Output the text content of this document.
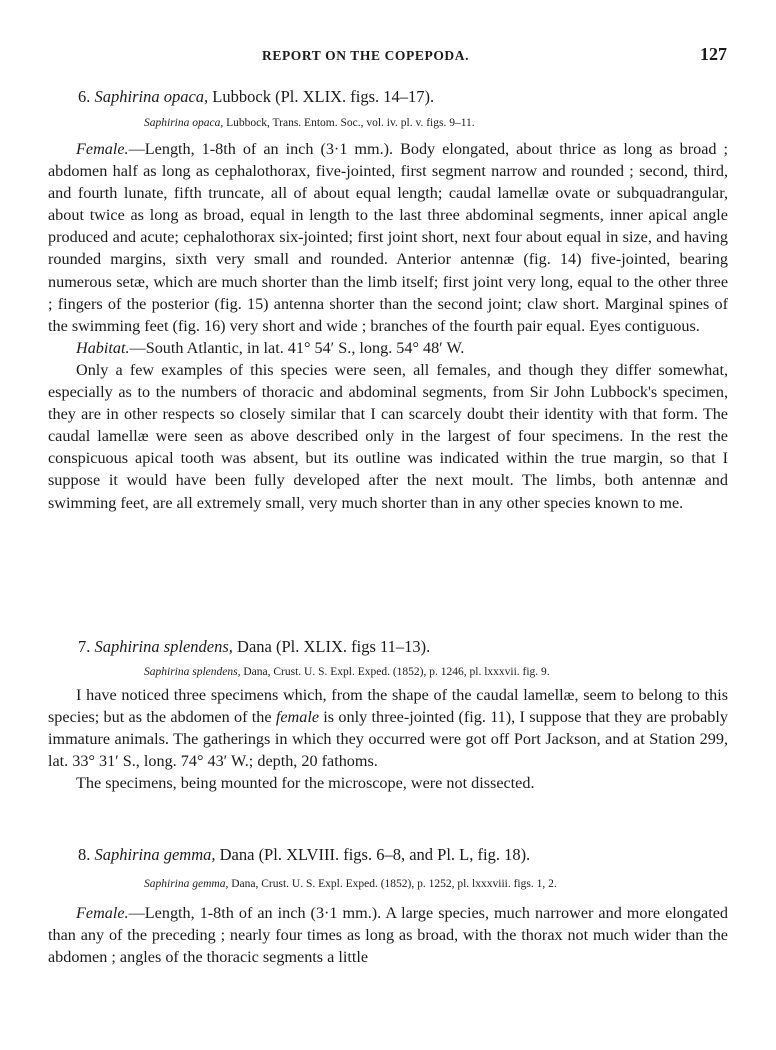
REPORT ON THE COPEPODA.	127
6. Saphirina opaca, Lubbock (Pl. XLIX. figs. 14–17).
Saphirina opaca, Lubbock, Trans. Entom. Soc., vol. iv. pl. v. figs. 9–11.

Female.—Length, 1-8th of an inch (3·1 mm.). Body elongated, about thrice as long as broad ; abdomen half as long as cephalothorax, five-jointed, first segment narrow and rounded ; second, third, and fourth lunate, fifth truncate, all of about equal length; caudal lamellæ ovate or subquadrangular, about twice as long as broad, equal in length to the last three abdominal segments, inner apical angle produced and acute; cephalothorax six-jointed; first joint short, next four about equal in size, and having rounded margins, sixth very small and rounded. Anterior antennæ (fig. 14) five-jointed, bearing numerous setæ, which are much shorter than the limb itself; first joint very long, equal to the other three ; fingers of the posterior (fig. 15) antenna shorter than the second joint; claw short. Marginal spines of the swimming feet (fig. 16) very short and wide ; branches of the fourth pair equal. Eyes contiguous.

Habitat.—South Atlantic, in lat. 41° 54′ S., long. 54° 48′ W.

Only a few examples of this species were seen, all females, and though they differ somewhat, especially as to the numbers of thoracic and abdominal segments, from Sir John Lubbock's specimen, they are in other respects so closely similar that I can scarcely doubt their identity with that form. The caudal lamellæ were seen as above described only in the largest of four specimens. In the rest the conspicuous apical tooth was absent, but its outline was indicated within the true margin, so that I suppose it would have been fully developed after the next moult. The limbs, both antennæ and swimming feet, are all extremely small, very much shorter than in any other species known to me.

7. Saphirina splendens, Dana (Pl. XLIX. figs 11–13).
Saphirina splendens, Dana, Crust. U. S. Expl. Exped. (1852), p. 1246, pl. lxxxvii. fig. 9.

I have noticed three specimens which, from the shape of the caudal lamellæ, seem to belong to this species; but as the abdomen of the female is only three-jointed (fig. 11), I suppose that they are probably immature animals. The gatherings in which they occurred were got off Port Jackson, and at Station 299, lat. 33° 31′ S., long. 74° 43′ W.; depth, 20 fathoms.

The specimens, being mounted for the microscope, were not dissected.

8. Saphirina gemma, Dana (Pl. XLVIII. figs. 6–8, and Pl. L, fig. 18).
Saphirina gemma, Dana, Crust. U. S. Expl. Exped. (1852), p. 1252, pl. lxxxviii. figs. 1, 2.

Female.—Length, 1-8th of an inch (3·1 mm.). A large species, much narrower and more elongated than any of the preceding ; nearly four times as long as broad, with the thorax not much wider than the abdomen ; angles of the thoracic segments a little
